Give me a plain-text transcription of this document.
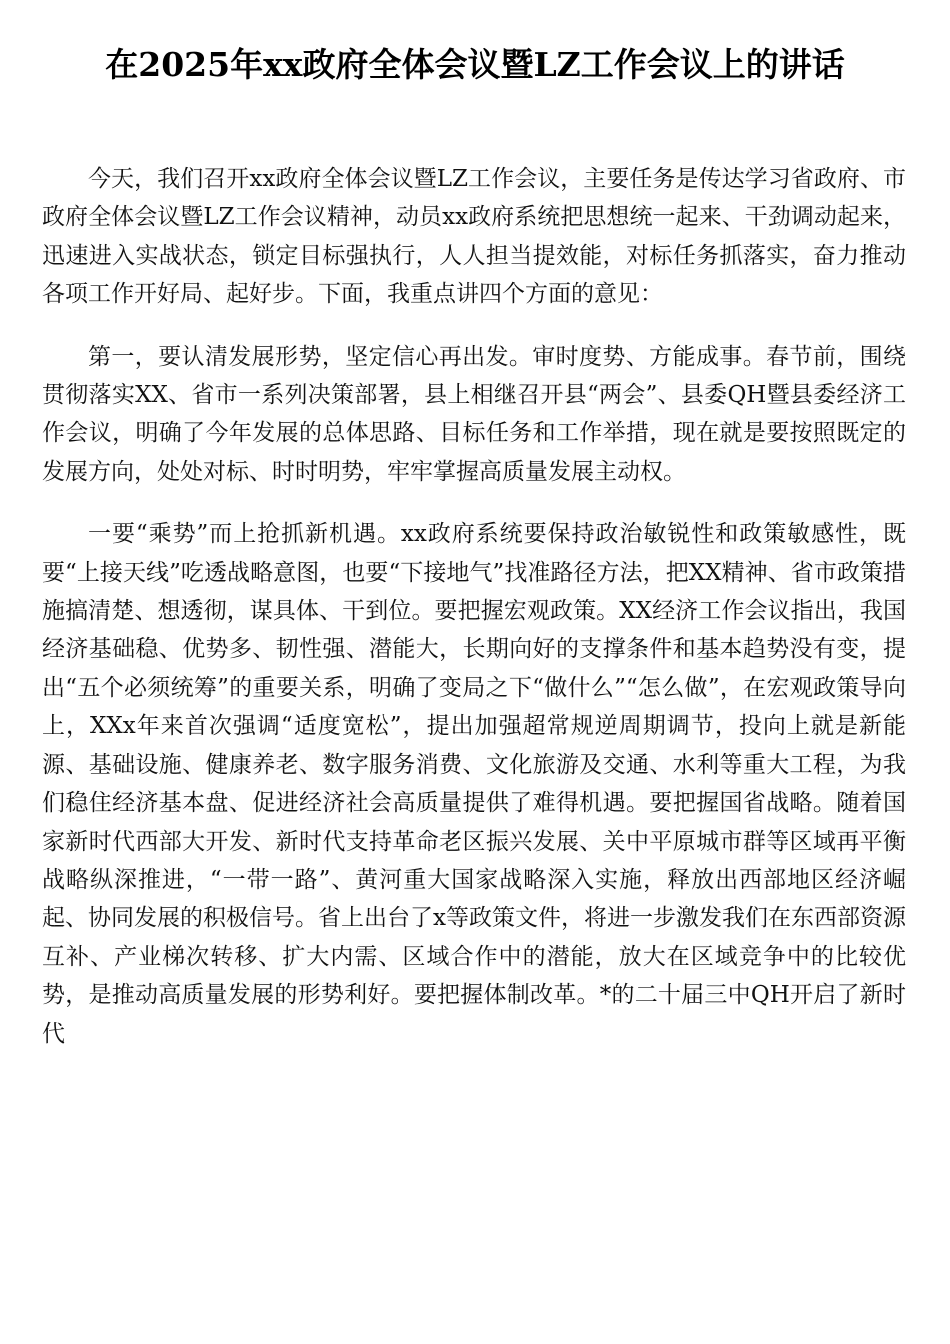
在2025年xx政府全体会议暨LZ工作会议上的讲话

今天，我们召开xx政府全体会议暨LZ工作会议，主要任务是传达学习省政府、市政府全体会议暨LZ工作会议精神，动员xx政府系统把思想统一起来、干劲调动起来，迅速进入实战状态，锁定目标强执行，人人担当提效能，对标任务抓落实，奋力推动各项工作开好局、起好步。下面，我重点讲四个方面的意见：

第一，要认清发展形势，坚定信心再出发。审时度势、方能成事。春节前，围绕贯彻落实XX、省市一系列决策部署，县上相继召开县“两会”、县委QH暨县委经济工作会议，明确了今年发展的总体思路、目标任务和工作举措，现在就是要按照既定的发展方向，处处对标、时时明势，牢牢掌握高质量发展主动权。

一要“乘势”而上抢抓新机遇。xx政府系统要保持政治敏锐性和政策敏感性，既要“上接天线”吃透战略意图，也要“下接地气”找准路径方法，把XX精神、省市政策措施搞清楚、想透彻，谋具体、干到位。要把握宏观政策。XX经济工作会议指出，我国经济基础稳、优势多、韧性强、潜能大，长期向好的支撑条件和基本趋势没有变，提出“五个必须统筹”的重要关系，明确了变局之下“做什么”“怎么做”，在宏观政策导向上，XXx年来首次强调“适度宽松”，提出加强超常规逆周期调节，投向上就是新能源、基础设施、健康养老、数字服务消费、文化旅游及交通、水利等重大工程，为我们稳住经济基本盘、促进经济社会高质量提供了难得机遇。要把握国省战略。随着国家新时代西部大开发、新时代支持革命老区振兴发展、关中平原城市群等区域再平衡战略纵深推进，“一带一路”、黄河重大国家战略深入实施，释放出西部地区经济崛起、协同发展的积极信号。省上出台了x等政策文件，将进一步激发我们在东西部资源互补、产业梯次转移、扩大内需、区域合作中的潜能，放大在区域竞争中的比较优势，是推动高质量发展的形势利好。要把握体制改革。*的二十届三中QH开启了新时代
